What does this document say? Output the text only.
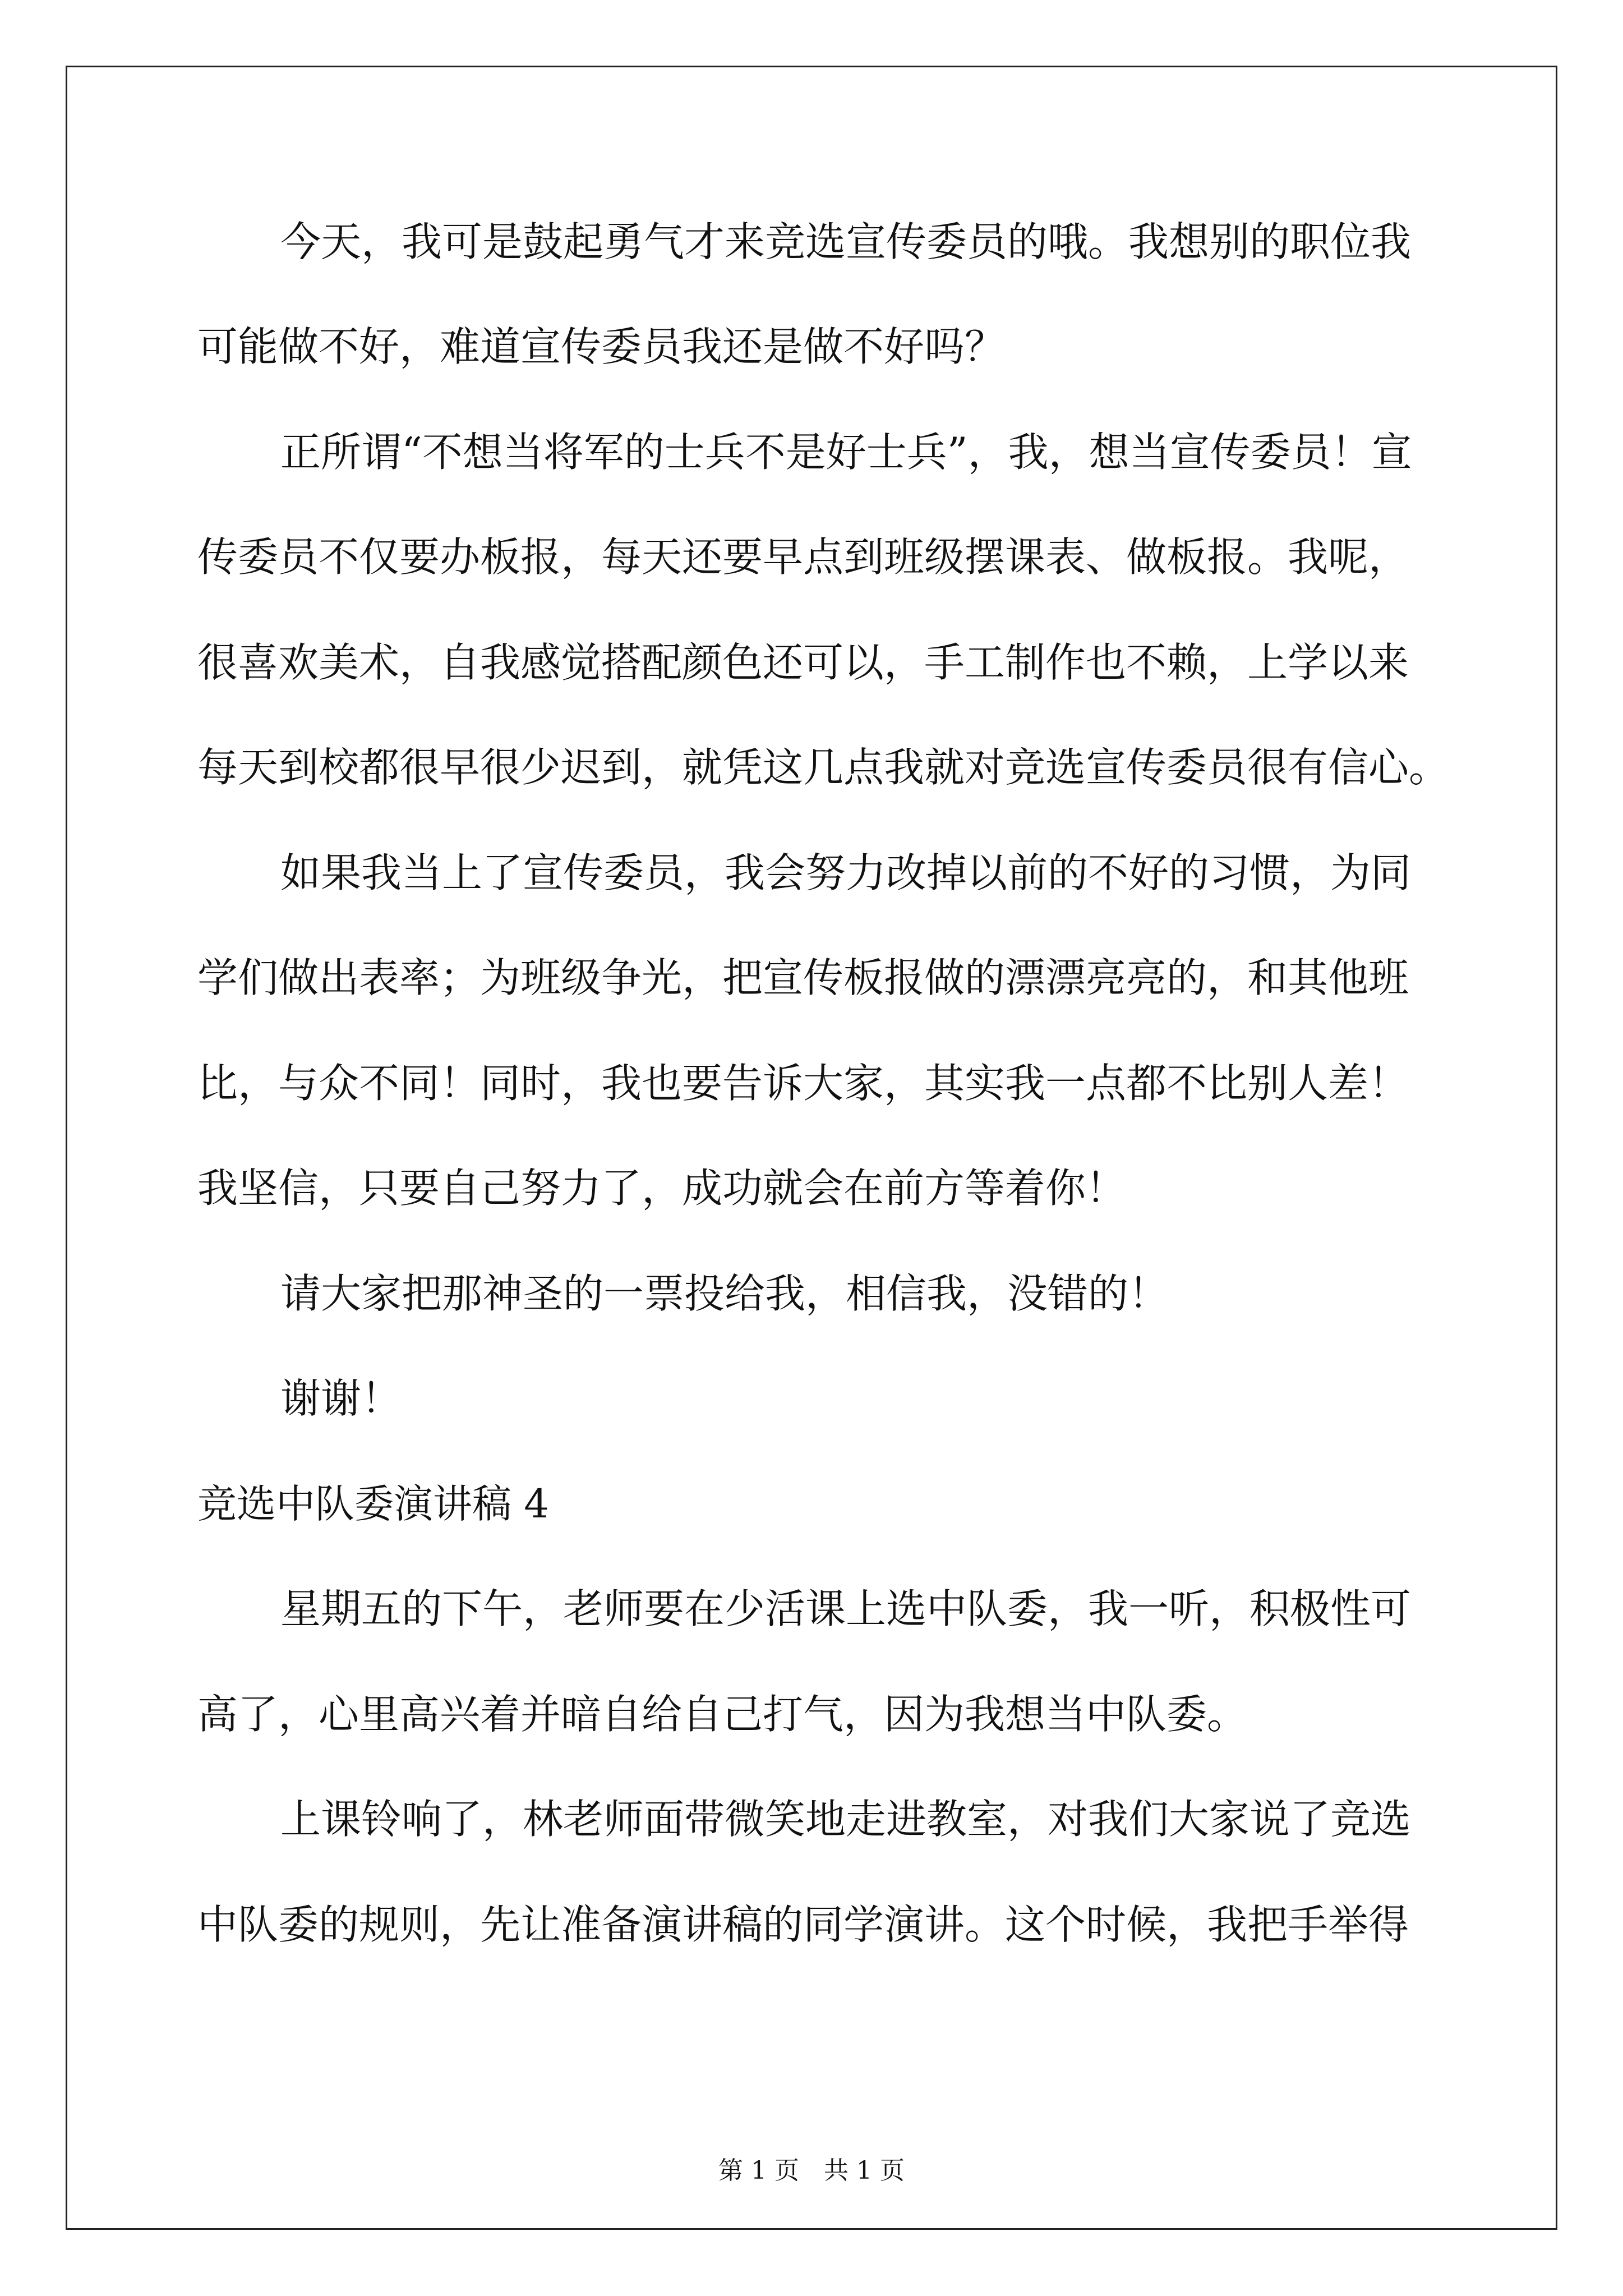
今天，我可是鼓起勇气才来竞选宣传委员的哦。我想别的职位我
可能做不好，难道宣传委员我还是做不好吗？
正所谓“不想当将军的士兵不是好士兵”，我，想当宣传委员！宣
传委员不仅要办板报，每天还要早点到班级摆课表、做板报。我呢，
很喜欢美术，自我感觉搭配颜色还可以，手工制作也不赖，上学以来
每天到校都很早很少迟到，就凭这几点我就对竞选宣传委员很有信心。
如果我当上了宣传委员，我会努力改掉以前的不好的习惯，为同
学们做出表率；为班级争光，把宣传板报做的漂漂亮亮的，和其他班
比，与众不同！同时，我也要告诉大家，其实我一点都不比别人差！
我坚信，只要自己努力了，成功就会在前方等着你！
请大家把那神圣的一票投给我，相信我，没错的！
谢谢！
竞选中队委演讲稿 4
星期五的下午，老师要在少活课上选中队委，我一听，积极性可
高了，心里高兴着并暗自给自己打气，因为我想当中队委。
上课铃响了，林老师面带微笑地走进教室，对我们大家说了竞选
中队委的规则，先让准备演讲稿的同学演讲。这个时候，我把手举得
第 1 页　共 1 页
